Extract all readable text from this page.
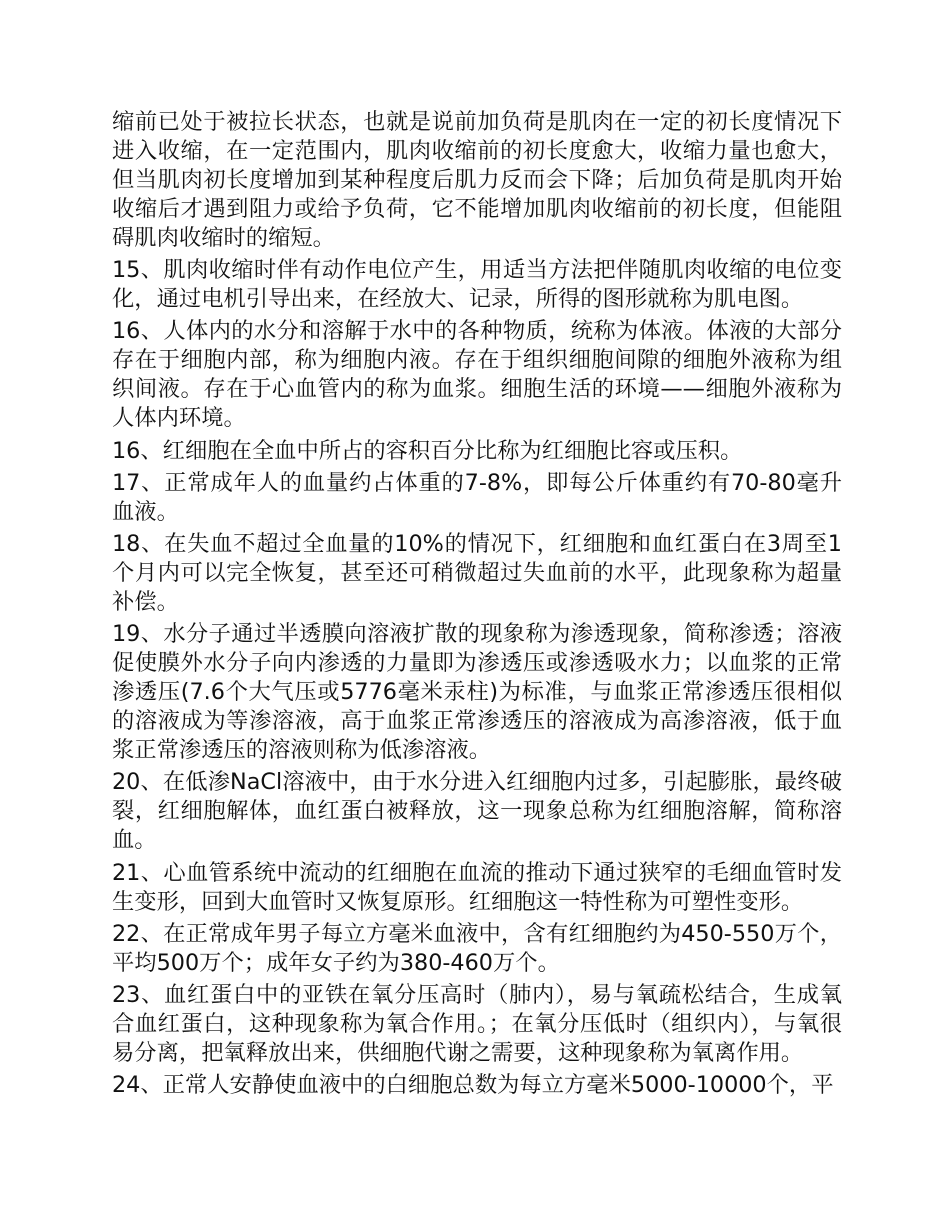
缩前已处于被拉长状态，也就是说前加负荷是肌肉在一定的初长度情况下进入收缩，在一定范围内，肌肉收缩前的初长度愈大，收缩力量也愈大，但当肌肉初长度增加到某种程度后肌力反而会下降；后加负荷是肌肉开始收缩后才遇到阻力或给予负荷，它不能增加肌肉收缩前的初长度，但能阻碍肌肉收缩时的缩短。

15、肌肉收缩时伴有动作电位产生，用适当方法把伴随肌肉收缩的电位变化，通过电机引导出来，在经放大、记录，所得的图形就称为肌电图。

16、人体内的水分和溶解于水中的各种物质，统称为体液。体液的大部分存在于细胞内部，称为细胞内液。存在于组织细胞间隙的细胞外液称为组织间液。存在于心血管内的称为血浆。细胞生活的环境——细胞外液称为人体内环境。

16、红细胞在全血中所占的容积百分比称为红细胞比容或压积。

17、正常成年人的血量约占体重的7-8%，即每公斤体重约有70-80毫升血液。

18、在失血不超过全血量的10%的情况下，红细胞和血红蛋白在3周至1个月内可以完全恢复，甚至还可稍微超过失血前的水平，此现象称为超量补偿。

19、水分子通过半透膜向溶液扩散的现象称为渗透现象，简称渗透；溶液促使膜外水分子向内渗透的力量即为渗透压或渗透吸水力；以血浆的正常渗透压(7.6个大气压或5776毫米汞柱)为标准，与血浆正常渗透压很相似的溶液成为等渗溶液，高于血浆正常渗透压的溶液成为高渗溶液，低于血浆正常渗透压的溶液则称为低渗溶液。

20、在低渗NaCl溶液中，由于水分进入红细胞内过多，引起膨胀，最终破裂，红细胞解体，血红蛋白被释放，这一现象总称为红细胞溶解，简称溶血。

21、心血管系统中流动的红细胞在血流的推动下通过狭窄的毛细血管时发生变形，回到大血管时又恢复原形。红细胞这一特性称为可塑性变形。

22、在正常成年男子每立方毫米血液中，含有红细胞约为450-550万个，平均500万个；成年女子约为380-460万个。

23、血红蛋白中的亚铁在氧分压高时（肺内），易与氧疏松结合，生成氧合血红蛋白，这种现象称为氧合作用。；在氧分压低时（组织内），与氧很易分离，把氧释放出来，供细胞代谢之需要，这种现象称为氧离作用。

24、正常人安静使血液中的白细胞总数为每立方毫米5000-10000个，平
